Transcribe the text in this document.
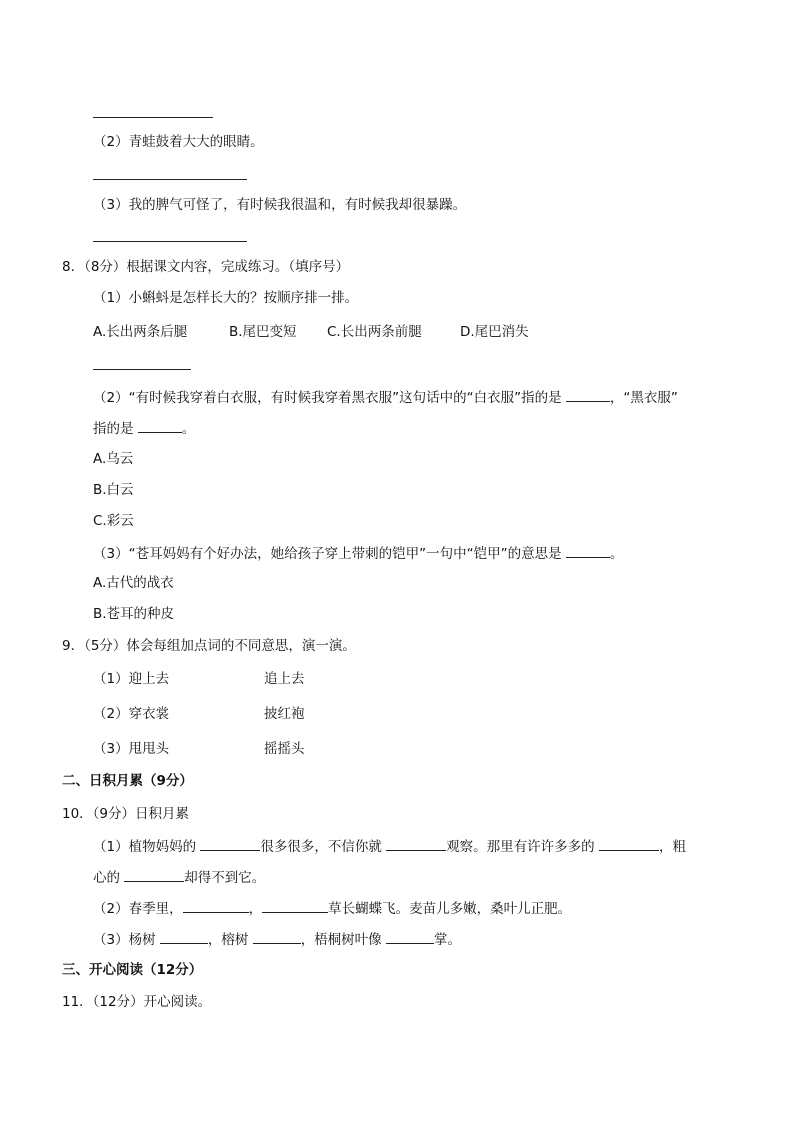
（2）青蛙鼓着大大的眼睛。
（3）我的脾气可怪了，有时候我很温和，有时候我却很暴躁。
8．（8分）根据课文内容，完成练习。（填序号）
（1）小蝌蚪是怎样长大的？按顺序排一排。
A.长出两条后腿	B.尾巴变短 C.长出两条前腿	D.尾巴消失
（2）“有时候我穿着白衣服，有时候我穿着黑衣服”这句话中的“白衣服”指的是	，“黑衣服”
指的是	。
A.乌云
B.白云
C.彩云
（3）“苍耳妈妈有个好办法，她给孩子穿上带刺的铠甲”一句中“铠甲”的意思是	。
A.古代的战衣
B.苍耳的种皮
9．（5分）体会每组加点词的不同意思，演一演。
（1）迎上去	追上去
（2）穿衣裳	披红袍
（3）甩甩头	摇摇头
二、日积月累（9分）
10．（9分）日积月累
（1）植物妈妈的	很多很多，不信你就	观察。那里有许许多多的	，粗
心的	却得不到它。
（2）春季里，	，	草长蝴蝶飞。麦苗儿多嫩，桑叶儿正肥。
（3）杨树	，榕树	，梧桐树叶像	掌。
三、开心阅读（12分）
11．（12分）开心阅读。
